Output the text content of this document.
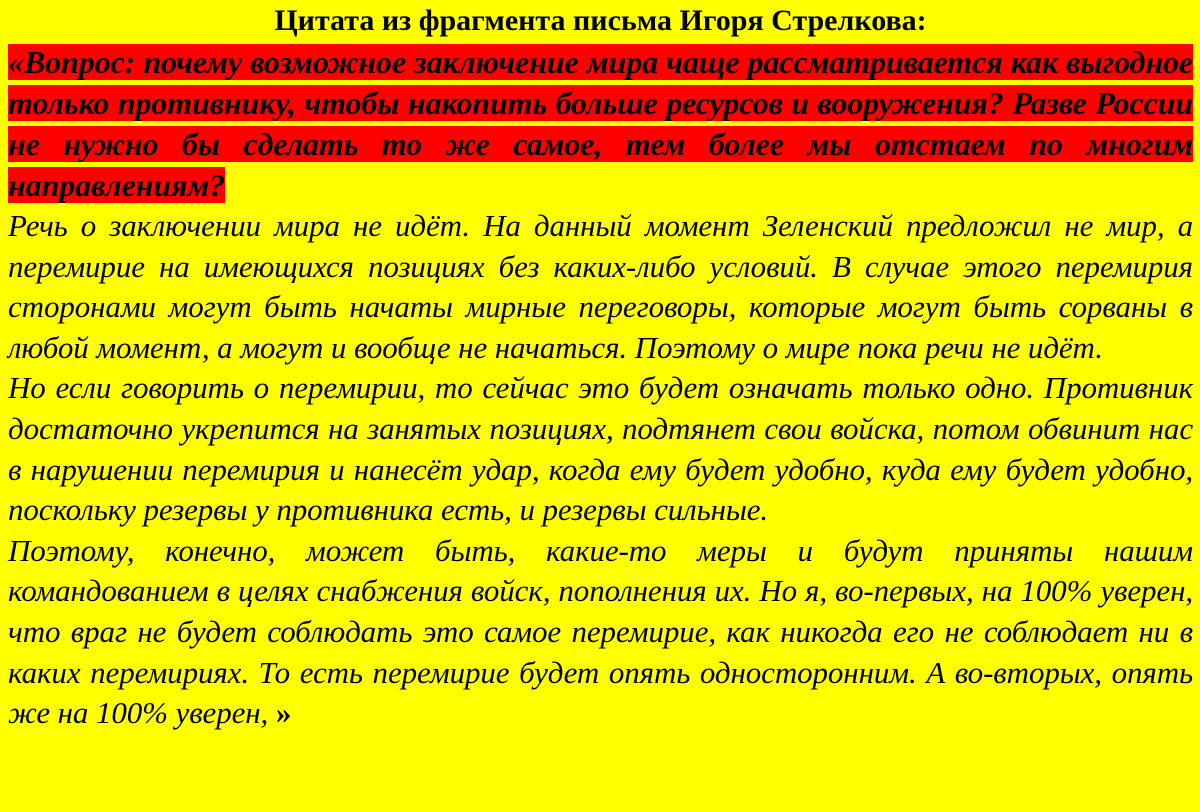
Цитата из фрагмента письма Игоря Стрелкова:

«Вопрос: почему возможное заключение мира чаще рассматривается как выгодное только противнику, чтобы накопить больше ресурсов и вооружения? Разве России не нужно бы сделать то же самое, тем более мы отстаем по многим направлениям?

Речь о заключении мира не идёт. На данный момент Зеленский предложил не мир, а перемирие на имеющихся позициях без каких-либо условий. В случае этого перемирия сторонами могут быть начаты мирные переговоры, которые могут быть сорваны в любой момент, а могут и вообще не начаться. Поэтому о мире пока речи не идёт.

Но если говорить о перемирии, то сейчас это будет означать только одно. Противник достаточно укрепится на занятых позициях, подтянет свои войска, потом обвинит нас в нарушении перемирия и нанесёт удар, когда ему будет удобно, куда ему будет удобно, поскольку резервы у противника есть, и резервы сильные.

Поэтому, конечно, может быть, какие-то меры и будут приняты нашим командованием в целях снабжения войск, пополнения их. Но я, во-первых, на 100% уверен, что враг не будет соблюдать это самое перемирие, как никогда его не соблюдает ни в каких перемириях. То есть перемирие будет опять односторонним. А во-вторых, опять же на 100% уверен, »
